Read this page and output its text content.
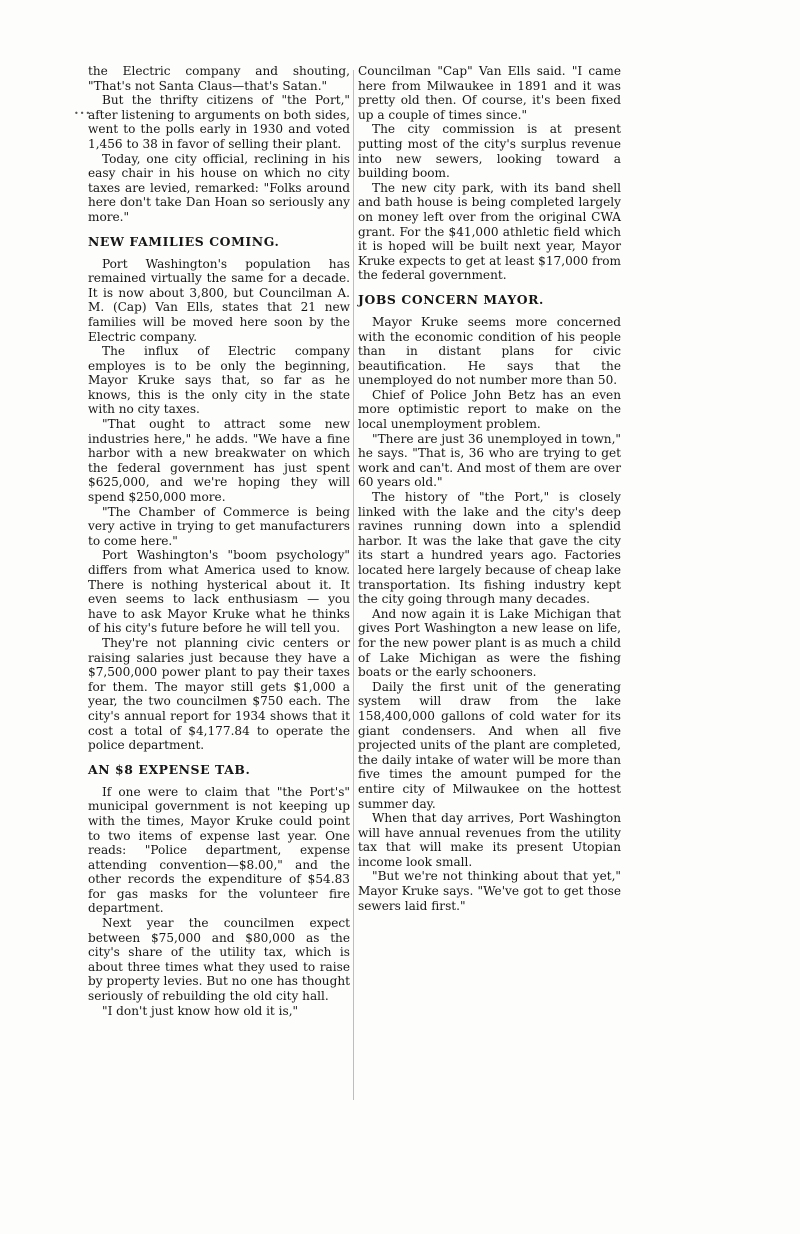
•••

the Electric company and shouting, "That's not Santa Claus—that's Satan."

But the thrifty citizens of "the Port," after listening to arguments on both sides, went to the polls early in 1930 and voted 1,456 to 38 in favor of selling their plant.

Today, one city official, reclining in his easy chair in his house on which no city taxes are levied, remarked: "Folks around here don't take Dan Hoan so seriously any more."

NEW FAMILIES COMING.

Port Washington's population has remained virtually the same for a decade. It is now about 3,800, but Councilman A. M. (Cap) Van Ells, states that 21 new families will be moved here soon by the Electric company.

The influx of Electric company employes is to be only the beginning, Mayor Kruke says that, so far as he knows, this is the only city in the state with no city taxes.

"That ought to attract some new industries here," he adds. "We have a fine harbor with a new breakwater on which the federal government has just spent $625,000, and we're hoping they will spend $250,000 more.

"The Chamber of Commerce is being very active in trying to get manufacturers to come here."

Port Washington's "boom psychology" differs from what America used to know. There is nothing hysterical about it. It even seems to lack enthusiasm — you have to ask Mayor Kruke what he thinks of his city's future before he will tell you.

They're not planning civic centers or raising salaries just because they have a $7,500,000 power plant to pay their taxes for them. The mayor still gets $1,000 a year, the two councilmen $750 each. The city's annual report for 1934 shows that it cost a total of $4,177.84 to operate the police department.

AN $8 EXPENSE TAB.

If one were to claim that "the Port's" municipal government is not keeping up with the times, Mayor Kruke could point to two items of expense last year. One reads: "Police department, expense attending convention—$8.00," and the other records the expenditure of $54.83 for gas masks for the volunteer fire department.

Next year the councilmen expect between $75,000 and $80,000 as the city's share of the utility tax, which is about three times what they used to raise by property levies. But no one has thought seriously of rebuilding the old city hall.

"I don't just know how old it is,"

Councilman "Cap" Van Ells said. "I came here from Milwaukee in 1891 and it was pretty old then. Of course, it's been fixed up a couple of times since."

The city commission is at present putting most of the city's surplus revenue into new sewers, looking toward a building boom.

The new city park, with its band shell and bath house is being completed largely on money left over from the original CWA grant. For the $41,000 athletic field which it is hoped will be built next year, Mayor Kruke expects to get at least $17,000 from the federal government.

JOBS CONCERN MAYOR.

Mayor Kruke seems more concerned with the economic condition of his people than in distant plans for civic beautification. He says that the unemployed do not number more than 50.

Chief of Police John Betz has an even more optimistic report to make on the local unemployment problem.

"There are just 36 unemployed in town," he says. "That is, 36 who are trying to get work and can't. And most of them are over 60 years old."

The history of "the Port," is closely linked with the lake and the city's deep ravines running down into a splendid harbor. It was the lake that gave the city its start a hundred years ago. Factories located here largely because of cheap lake transportation. Its fishing industry kept the city going through many decades.

And now again it is Lake Michigan that gives Port Washington a new lease on life, for the new power plant is as much a child of Lake Michigan as were the fishing boats or the early schooners.

Daily the first unit of the generating system will draw from the lake 158,400,000 gallons of cold water for its giant condensers. And when all five projected units of the plant are completed, the daily intake of water will be more than five times the amount pumped for the entire city of Milwaukee on the hottest summer day.

When that day arrives, Port Washington will have annual revenues from the utility tax that will make its present Utopian income look small.

"But we're not thinking about that yet," Mayor Kruke says. "We've got to get those sewers laid first."
